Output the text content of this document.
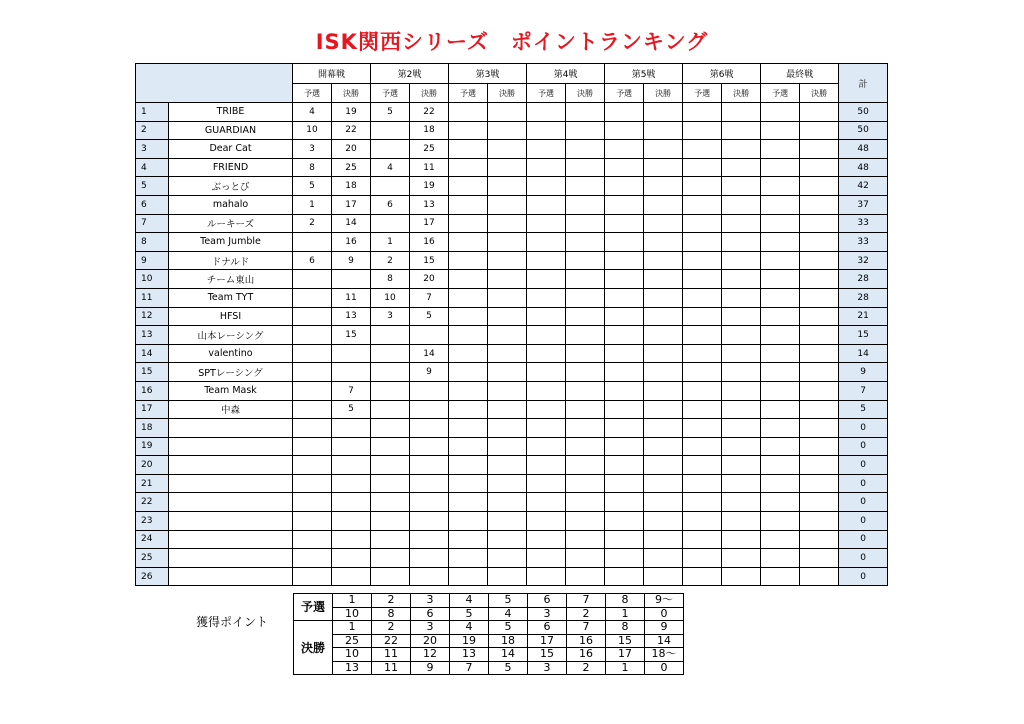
ISK関西シリーズ　ポイントランキング
		開幕戦		第2戦		第3戦		第4戦		第5戦		第6戦		最終戦		計
		予選	決勝	予選	決勝	予選	決勝	予選	決勝	予選	決勝	予選	決勝	予選	決勝	
1	TRIBE	4	19	5	22											50
2	GUARDIAN	10	22		18											50
3	Dear Cat	3	20		25											48
4	FRIEND	8	25	4	11											48
5	ぶっとび	5	18		19											42
6	mahalo	1	17	6	13											37
7	ルーキーズ	2	14		17											33
8	Team Jumble		16	1	16											33
9	ドナルド	6	9	2	15											32
10	チーム東山			8	20											28
11	Team TYT		11	10	7											28
12	HFSI		13	3	5											21
13	山本レーシング		15													15
14	valentino				14											14
15	SPTレーシング				9											9
16	Team Mask		7													7
17	中森		5													5
18																0
19																0
20																0
21																0
22																0
23																0
24																0
25																0
26																0
獲得ポイント
予選	1	2	3	4	5	6	7	8	9～
	10	8	6	5	4	3	2	1	0
決勝	1	2	3	4	5	6	7	8	9
	25	22	20	19	18	17	16	15	14
	10	11	12	13	14	15	16	17	18～
	13	11	9	7	5	3	2	1	0
